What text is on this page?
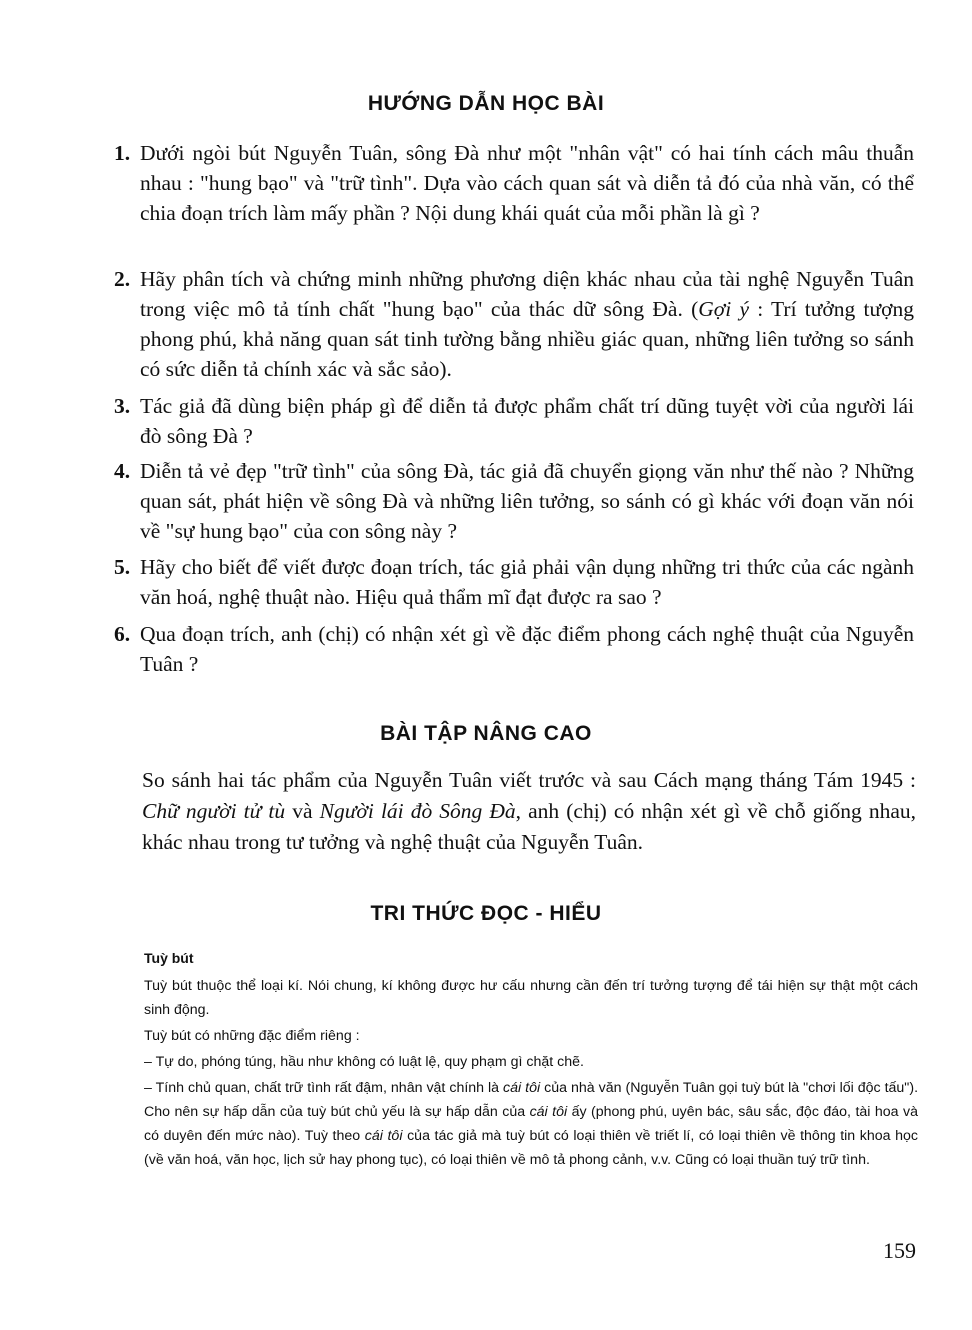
HƯỚNG DẪN HỌC BÀI
1. Dưới ngòi bút Nguyễn Tuân, sông Đà như một "nhân vật" có hai tính cách mâu thuẫn nhau : "hung bạo" và "trữ tình". Dựa vào cách quan sát và diễn tả đó của nhà văn, có thể chia đoạn trích làm mấy phần ? Nội dung khái quát của mỗi phần là gì ?
2. Hãy phân tích và chứng minh những phương diện khác nhau của tài nghệ Nguyễn Tuân trong việc mô tả tính chất "hung bạo" của thác dữ sông Đà. (Gợi ý : Trí tưởng tượng phong phú, khả năng quan sát tinh tường bằng nhiều giác quan, những liên tưởng so sánh có sức diễn tả chính xác và sắc sảo).
3. Tác giả đã dùng biện pháp gì để diễn tả được phẩm chất trí dũng tuyệt vời của người lái đò sông Đà ?
4. Diễn tả vẻ đẹp "trữ tình" của sông Đà, tác giả đã chuyển giọng văn như thế nào ? Những quan sát, phát hiện về sông Đà và những liên tưởng, so sánh có gì khác với đoạn văn nói về "sự hung bạo" của con sông này ?
5. Hãy cho biết để viết được đoạn trích, tác giả phải vận dụng những tri thức của các ngành văn hoá, nghệ thuật nào. Hiệu quả thẩm mĩ đạt được ra sao ?
6. Qua đoạn trích, anh (chị) có nhận xét gì về đặc điểm phong cách nghệ thuật của Nguyễn Tuân ?
BÀI TẬP NÂNG CAO
So sánh hai tác phẩm của Nguyễn Tuân viết trước và sau Cách mạng tháng Tám 1945 : Chữ người tử tù và Người lái đò Sông Đà, anh (chị) có nhận xét gì về chỗ giống nhau, khác nhau trong tư tưởng và nghệ thuật của Nguyễn Tuân.
TRI THỨC ĐỌC - HIỂU
Tuỳ bút
Tuỳ bút thuộc thể loại kí. Nói chung, kí không được hư cấu nhưng cần đến trí tưởng tượng để tái hiện sự thật một cách sinh động.
Tuỳ bút có những đặc điểm riêng :
– Tự do, phóng túng, hầu như không có luật lệ, quy phạm gì chặt chẽ.
– Tính chủ quan, chất trữ tình rất đậm, nhân vật chính là cái tôi của nhà văn (Nguyễn Tuân gọi tuỳ bút là "chơi lối độc tấu"). Cho nên sự hấp dẫn của tuỳ bút chủ yếu là sự hấp dẫn của cái tôi ấy (phong phú, uyên bác, sâu sắc, độc đáo, tài hoa và có duyên đến mức nào). Tuỳ theo cái tôi của tác giả mà tuỳ bút có loại thiên về triết lí, có loại thiên về thông tin khoa học (về văn hoá, văn học, lịch sử hay phong tục), có loại thiên về mô tả phong cảnh, v.v. Cũng có loại thuần tuý trữ tình.
159
